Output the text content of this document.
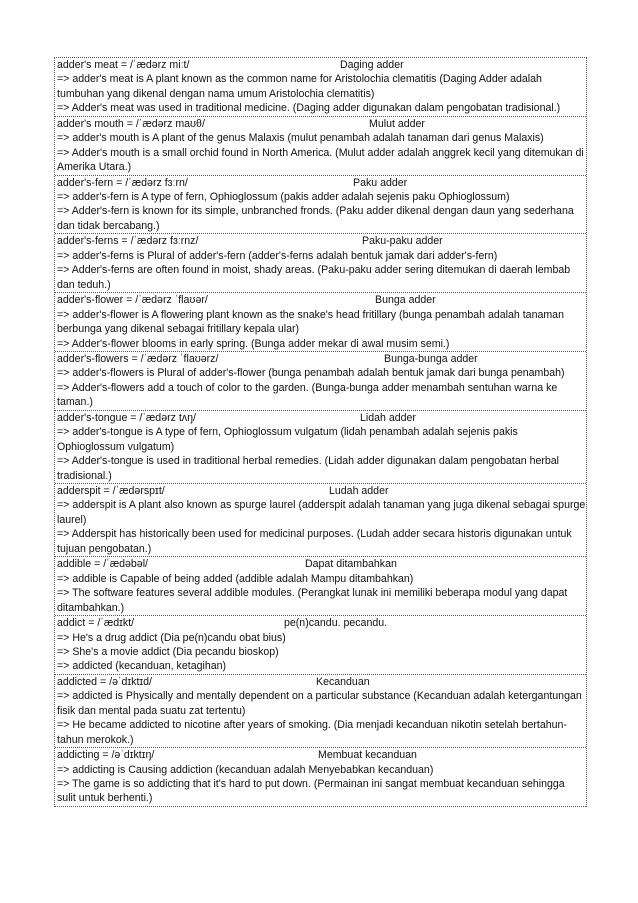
adder's meat = /ˈædərz miːt/	Daging adder
=> adder's meat is A plant known as the common name for Aristolochia clematitis (Daging Adder adalah tumbuhan yang dikenal dengan nama umum Aristolochia clematitis)
=> Adder's meat was used in traditional medicine. (Daging adder digunakan dalam pengobatan tradisional.)
adder's mouth = /ˈædərz maʊθ/	Mulut adder
=> adder's mouth is A plant of the genus Malaxis (mulut penambah adalah tanaman dari genus Malaxis)
=> Adder's mouth is a small orchid found in North America. (Mulut adder adalah anggrek kecil yang ditemukan di Amerika Utara.)
adder's-fern = /ˈædərz fɜːrn/	Paku adder
=> adder's-fern is A type of fern, Ophioglossum (pakis adder adalah sejenis paku Ophioglossum)
=> Adder's-fern is known for its simple, unbranched fronds. (Paku adder dikenal dengan daun yang sederhana dan tidak bercabang.)
adder's-ferns = /ˈædərz fɜːrnz/	Paku-paku adder
=> adder's-ferns is Plural of adder's-fern (adder's-ferns adalah bentuk jamak dari adder's-fern)
=> Adder's-ferns are often found in moist, shady areas. (Paku-paku adder sering ditemukan di daerah lembab dan teduh.)
adder's-flower = /ˈædərz ˈflaʊər/	Bunga adder
=> adder's-flower is A flowering plant known as the snake's head fritillary (bunga penambah adalah tanaman berbunga yang dikenal sebagai fritillary kepala ular)
=> Adder's-flower blooms in early spring. (Bunga adder mekar di awal musim semi.)
adder's-flowers = /ˈædərz ˈflaʊərz/	Bunga-bunga adder
=> adder's-flowers is Plural of adder's-flower (bunga penambah adalah bentuk jamak dari bunga penambah)
=> Adder's-flowers add a touch of color to the garden. (Bunga-bunga adder menambah sentuhan warna ke taman.)
adder's-tongue = /ˈædərz tʌŋ/	Lidah adder
=> adder's-tongue is A type of fern, Ophioglossum vulgatum (lidah penambah adalah sejenis pakis Ophioglossum vulgatum)
=> Adder's-tongue is used in traditional herbal remedies. (Lidah adder digunakan dalam pengobatan herbal tradisional.)
adderspit = /ˈædərspɪt/	Ludah adder
=> adderspit is A plant also known as spurge laurel (adderspit adalah tanaman yang juga dikenal sebagai spurge laurel)
=> Adderspit has historically been used for medicinal purposes. (Ludah adder secara historis digunakan untuk tujuan pengobatan.)
addible = /ˈædəbəl/	Dapat ditambahkan
=> addible is Capable of being added (addible adalah Mampu ditambahkan)
=> The software features several addible modules. (Perangkat lunak ini memiliki beberapa modul yang dapat ditambahkan.)
addict = /ˈædɪkt/	pe(n)candu. pecandu.
=> He's a drug addict (Dia pe(n)candu obat bius)
=> She's a movie addict (Dia pecandu bioskop)
=> addicted (kecanduan, ketagihan)
addicted = /əˈdɪktɪd/	Kecanduan
=> addicted is Physically and mentally dependent on a particular substance (Kecanduan adalah ketergantungan fisik dan mental pada suatu zat tertentu)
=> He became addicted to nicotine after years of smoking. (Dia menjadi kecanduan nikotin setelah bertahun-tahun merokok.)
addicting = /əˈdɪktɪŋ/	Membuat kecanduan
=> addicting is Causing addiction (kecanduan adalah Menyebabkan kecanduan)
=> The game is so addicting that it's hard to put down. (Permainan ini sangat membuat kecanduan sehingga sulit untuk berhenti.)
